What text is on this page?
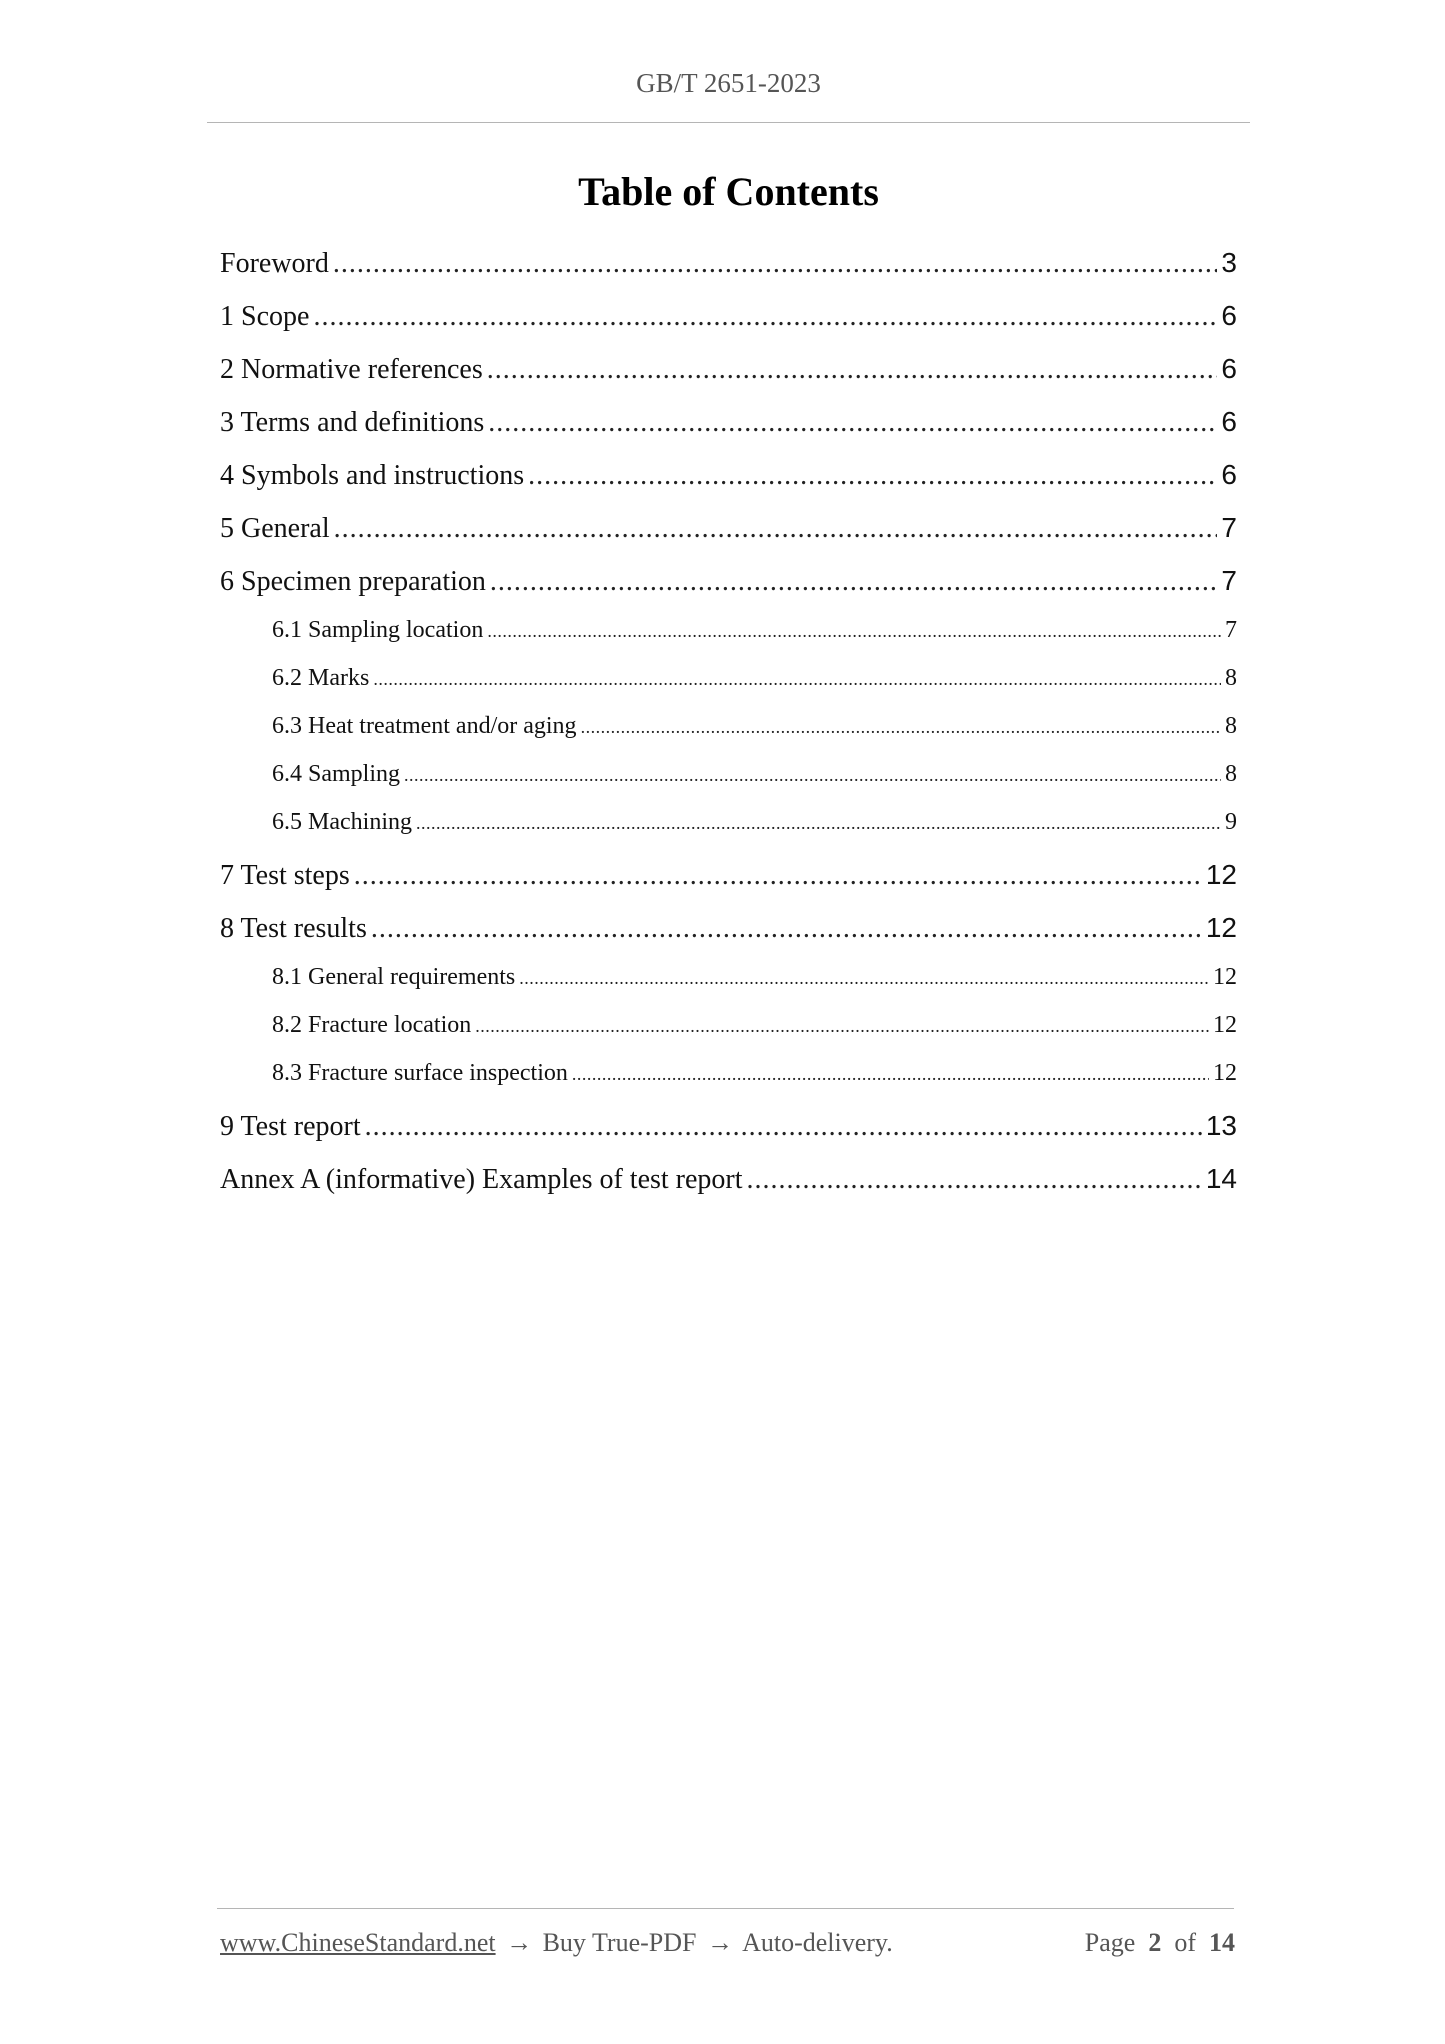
GB/T 2651-2023
Table of Contents
Foreword .....	3
1 Scope .....	6
2 Normative references .....	6
3 Terms and definitions .....	6
4 Symbols and instructions .....	6
5 General .....	7
6 Specimen preparation .....	7
6.1 Sampling location .....	7
6.2 Marks .....	8
6.3 Heat treatment and/or aging .....	8
6.4 Sampling .....	8
6.5 Machining .....	9
7 Test steps .....	12
8 Test results .....	12
8.1 General requirements .....	12
8.2 Fracture location .....	12
8.3 Fracture surface inspection .....	12
9 Test report .....	13
Annex A (informative) Examples of test report .....	14
www.ChineseStandard.net → Buy True-PDF → Auto-delivery.	Page 2 of 14
